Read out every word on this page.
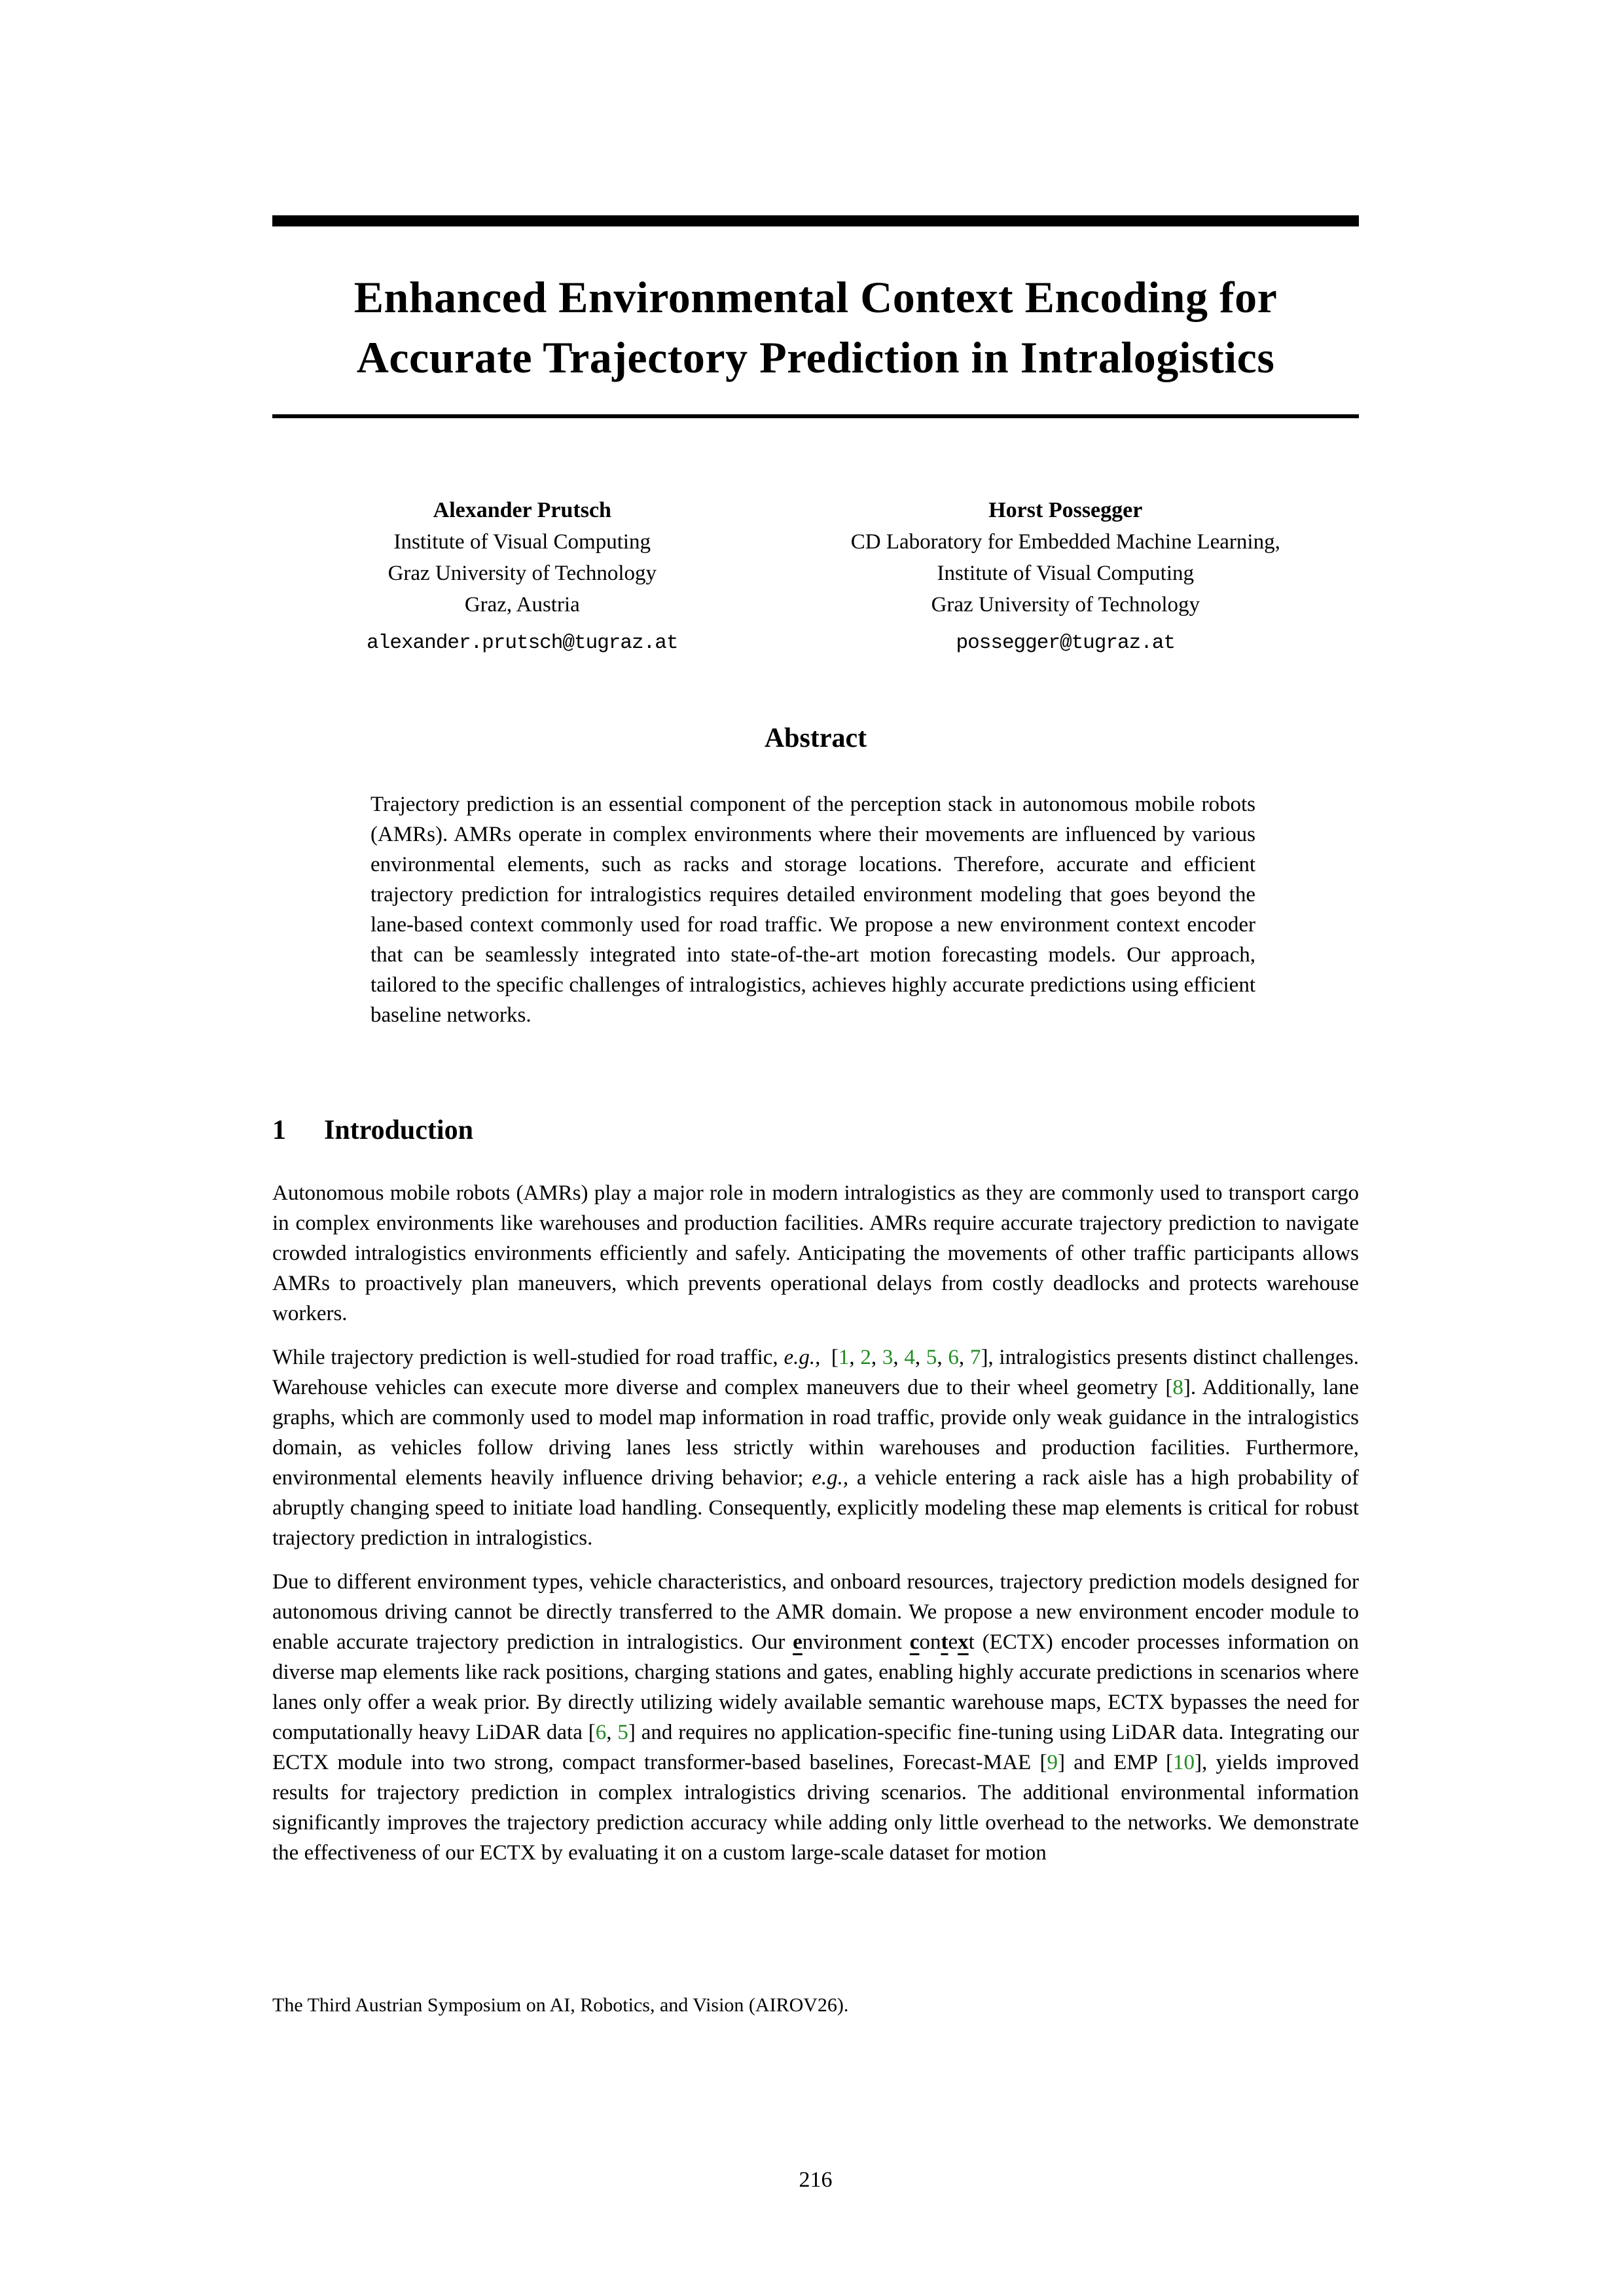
Enhanced Environmental Context Encoding for
Accurate Trajectory Prediction in Intralogistics
Alexander Prutsch
Institute of Visual Computing
Graz University of Technology
Graz, Austria
alexander.prutsch@tugraz.at
Horst Possegger
CD Laboratory for Embedded Machine Learning,
Institute of Visual Computing
Graz University of Technology
possegger@tugraz.at
Abstract
Trajectory prediction is an essential component of the perception stack in autonomous mobile robots (AMRs). AMRs operate in complex environments where their movements are influenced by various environmental elements, such as racks and storage locations. Therefore, accurate and efficient trajectory prediction for intralogistics requires detailed environment modeling that goes beyond the lane-based context commonly used for road traffic. We propose a new environment context encoder that can be seamlessly integrated into state-of-the-art motion forecasting models. Our approach, tailored to the specific challenges of intralogistics, achieves highly accurate predictions using efficient baseline networks.
1 Introduction

Autonomous mobile robots (AMRs) play a major role in modern intralogistics as they are commonly used to transport cargo in complex environments like warehouses and production facilities. AMRs require accurate trajectory prediction to navigate crowded intralogistics environments efficiently and safely. Anticipating the movements of other traffic participants allows AMRs to proactively plan maneuvers, which prevents operational delays from costly deadlocks and protects warehouse workers.

While trajectory prediction is well-studied for road traffic, e.g., [1, 2, 3, 4, 5, 6, 7], intralogistics presents distinct challenges. Warehouse vehicles can execute more diverse and complex maneuvers due to their wheel geometry [8]. Additionally, lane graphs, which are commonly used to model map information in road traffic, provide only weak guidance in the intralogistics domain, as vehicles follow driving lanes less strictly within warehouses and production facilities. Furthermore, environmental elements heavily influence driving behavior; e.g., a vehicle entering a rack aisle has a high probability of abruptly changing speed to initiate load handling. Consequently, explicitly modeling these map elements is critical for robust trajectory prediction in intralogistics.

Due to different environment types, vehicle characteristics, and onboard resources, trajectory prediction models designed for autonomous driving cannot be directly transferred to the AMR domain. We propose a new environment encoder module to enable accurate trajectory prediction in intralogistics. Our environment context (ECTX) encoder processes information on diverse map elements like rack positions, charging stations and gates, enabling highly accurate predictions in scenarios where lanes only offer a weak prior. By directly utilizing widely available semantic warehouse maps, ECTX bypasses the need for computationally heavy LiDAR data [6, 5] and requires no application-specific fine-tuning using LiDAR data. Integrating our ECTX module into two strong, compact transformer-based baselines, Forecast-MAE [9] and EMP [10], yields improved results for trajectory prediction in complex intralogistics driving scenarios. The additional environmental information significantly improves the trajectory prediction accuracy while adding only little overhead to the networks. We demonstrate the effectiveness of our ECTX by evaluating it on a custom large-scale dataset for motion

The Third Austrian Symposium on AI, Robotics, and Vision (AIROV26).
216
